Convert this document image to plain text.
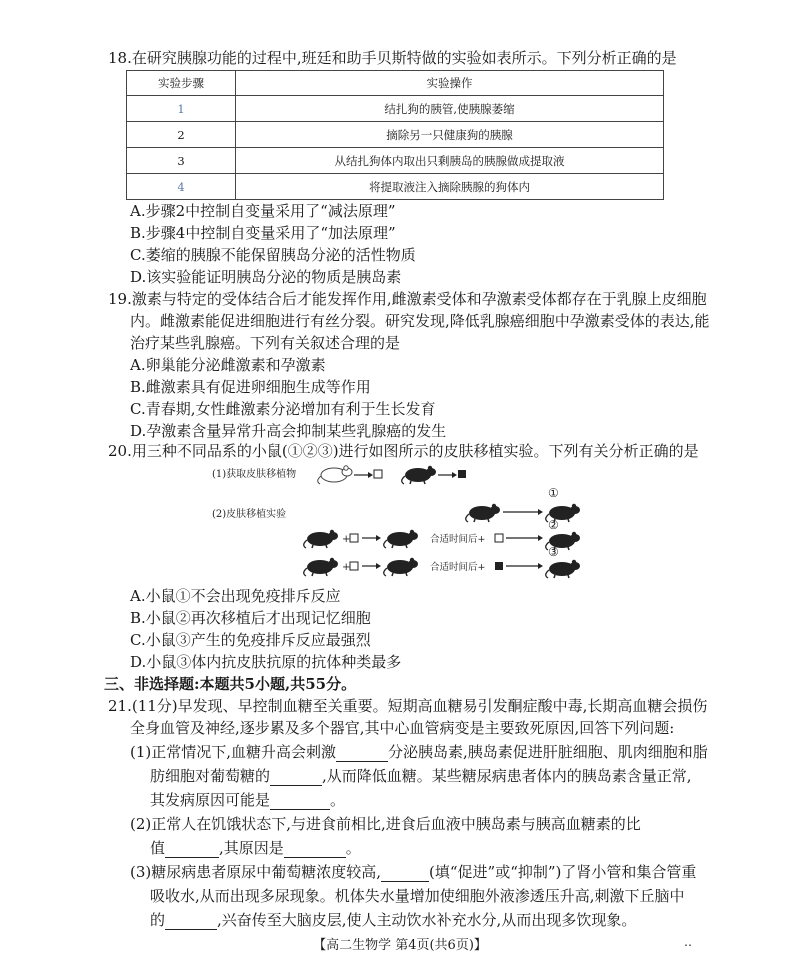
18.在研究胰腺功能的过程中,班廷和助手贝斯特做的实验如表所示。下列分析正确的是
实验步骤	实验操作
1	结扎狗的胰管,使胰腺萎缩
2	摘除另一只健康狗的胰腺
3	从结扎狗体内取出只剩胰岛的胰腺做成提取液
4	将提取液注入摘除胰腺的狗体内
A.步骤2中控制自变量采用了“减法原理”
B.步骤4中控制自变量采用了“加法原理”
C.萎缩的胰腺不能保留胰岛分泌的活性物质
D.该实验能证明胰岛分泌的物质是胰岛素
19.激素与特定的受体结合后才能发挥作用,雌激素受体和孕激素受体都存在于乳腺上皮细胞
内。雌激素能促进细胞进行有丝分裂。研究发现,降低乳腺癌细胞中孕激素受体的表达,能
治疗某些乳腺癌。下列有关叙述合理的是
A.卵巢能分泌雌激素和孕激素
B.雌激素具有促进卵细胞生成等作用
C.青春期,女性雌激素分泌增加有利于生长发育
D.孕激素含量异常升高会抑制某些乳腺癌的发生
20.用三种不同品系的小鼠(①②③)进行如图所示的皮肤移植实验。下列有关分析正确的是
(1)获取皮肤移植物
(2)皮肤移植实验
①
+	合适时间后+
②
+	合适时间后+
③
A.小鼠①不会出现免疫排斥反应
B.小鼠②再次移植后才出现记忆细胞
C.小鼠③产生的免疫排斥反应最强烈
D.小鼠③体内抗皮肤抗原的抗体种类最多
三、非选择题:本题共5小题,共55分。
21.(11分)早发现、早控制血糖至关重要。短期高血糖易引发酮症酸中毒,长期高血糖会损伤
全身血管及神经,逐步累及多个器官,其中心血管病变是主要致死原因,回答下列问题:
(1)正常情况下,血糖升高会刺激	分泌胰岛素,胰岛素促进肝脏细胞、肌肉细胞和脂
肪细胞对葡萄糖的	,从而降低血糖。某些糖尿病患者体内的胰岛素含量正常,
其发病原因可能是	。
(2)正常人在饥饿状态下,与进食前相比,进食后血液中胰岛素与胰高血糖素的比
值	,其原因是	。
(3)糖尿病患者原尿中葡萄糖浓度较高,	(填“促进”或“抑制”)了肾小管和集合管重
吸收水,从而出现多尿现象。机体失水量增加使细胞外液渗透压升高,刺激下丘脑中
的	,兴奋传至大脑皮层,使人主动饮水补充水分,从而出现多饮现象。
【高二生物学 第4页(共6页)】	‥
